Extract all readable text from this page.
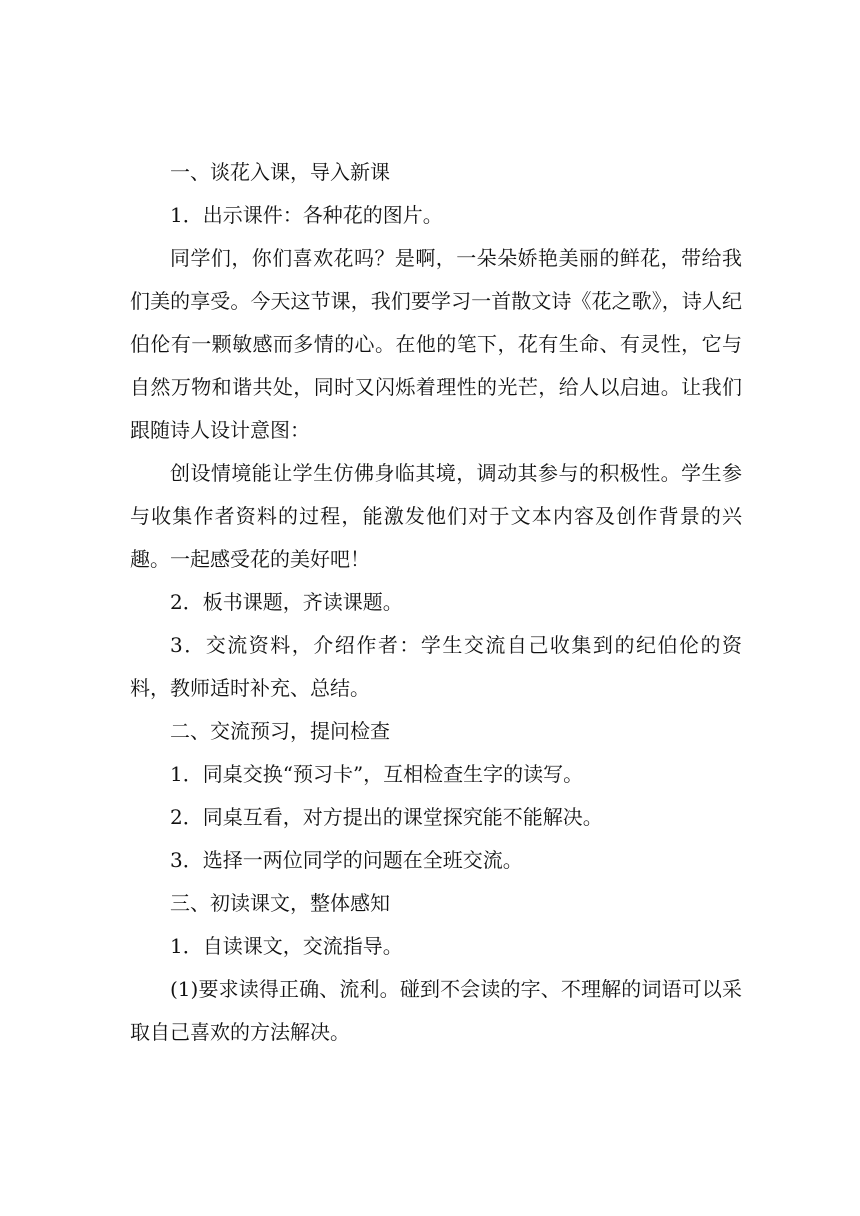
一、谈花入课，导入新课

1．出示课件：各种花的图片。

同学们，你们喜欢花吗？是啊，一朵朵娇艳美丽的鲜花，带给我们美的享受。今天这节课，我们要学习一首散文诗《花之歌》，诗人纪伯伦有一颗敏感而多情的心。在他的笔下，花有生命、有灵性，它与自然万物和谐共处，同时又闪烁着理性的光芒，给人以启迪。让我们跟随诗人设计意图：

创设情境能让学生仿佛身临其境，调动其参与的积极性。学生参与收集作者资料的过程，能激发他们对于文本内容及创作背景的兴趣。一起感受花的美好吧！

2．板书课题，齐读课题。

3．交流资料，介绍作者：学生交流自己收集到的纪伯伦的资料，教师适时补充、总结。

二、交流预习，提问检查

1．同桌交换“预习卡”，互相检查生字的读写。

2．同桌互看，对方提出的课堂探究能不能解决。

3．选择一两位同学的问题在全班交流。

三、初读课文，整体感知

1．自读课文，交流指导。

(1)要求读得正确、流利。碰到不会读的字、不理解的词语可以采取自己喜欢的方法解决。
